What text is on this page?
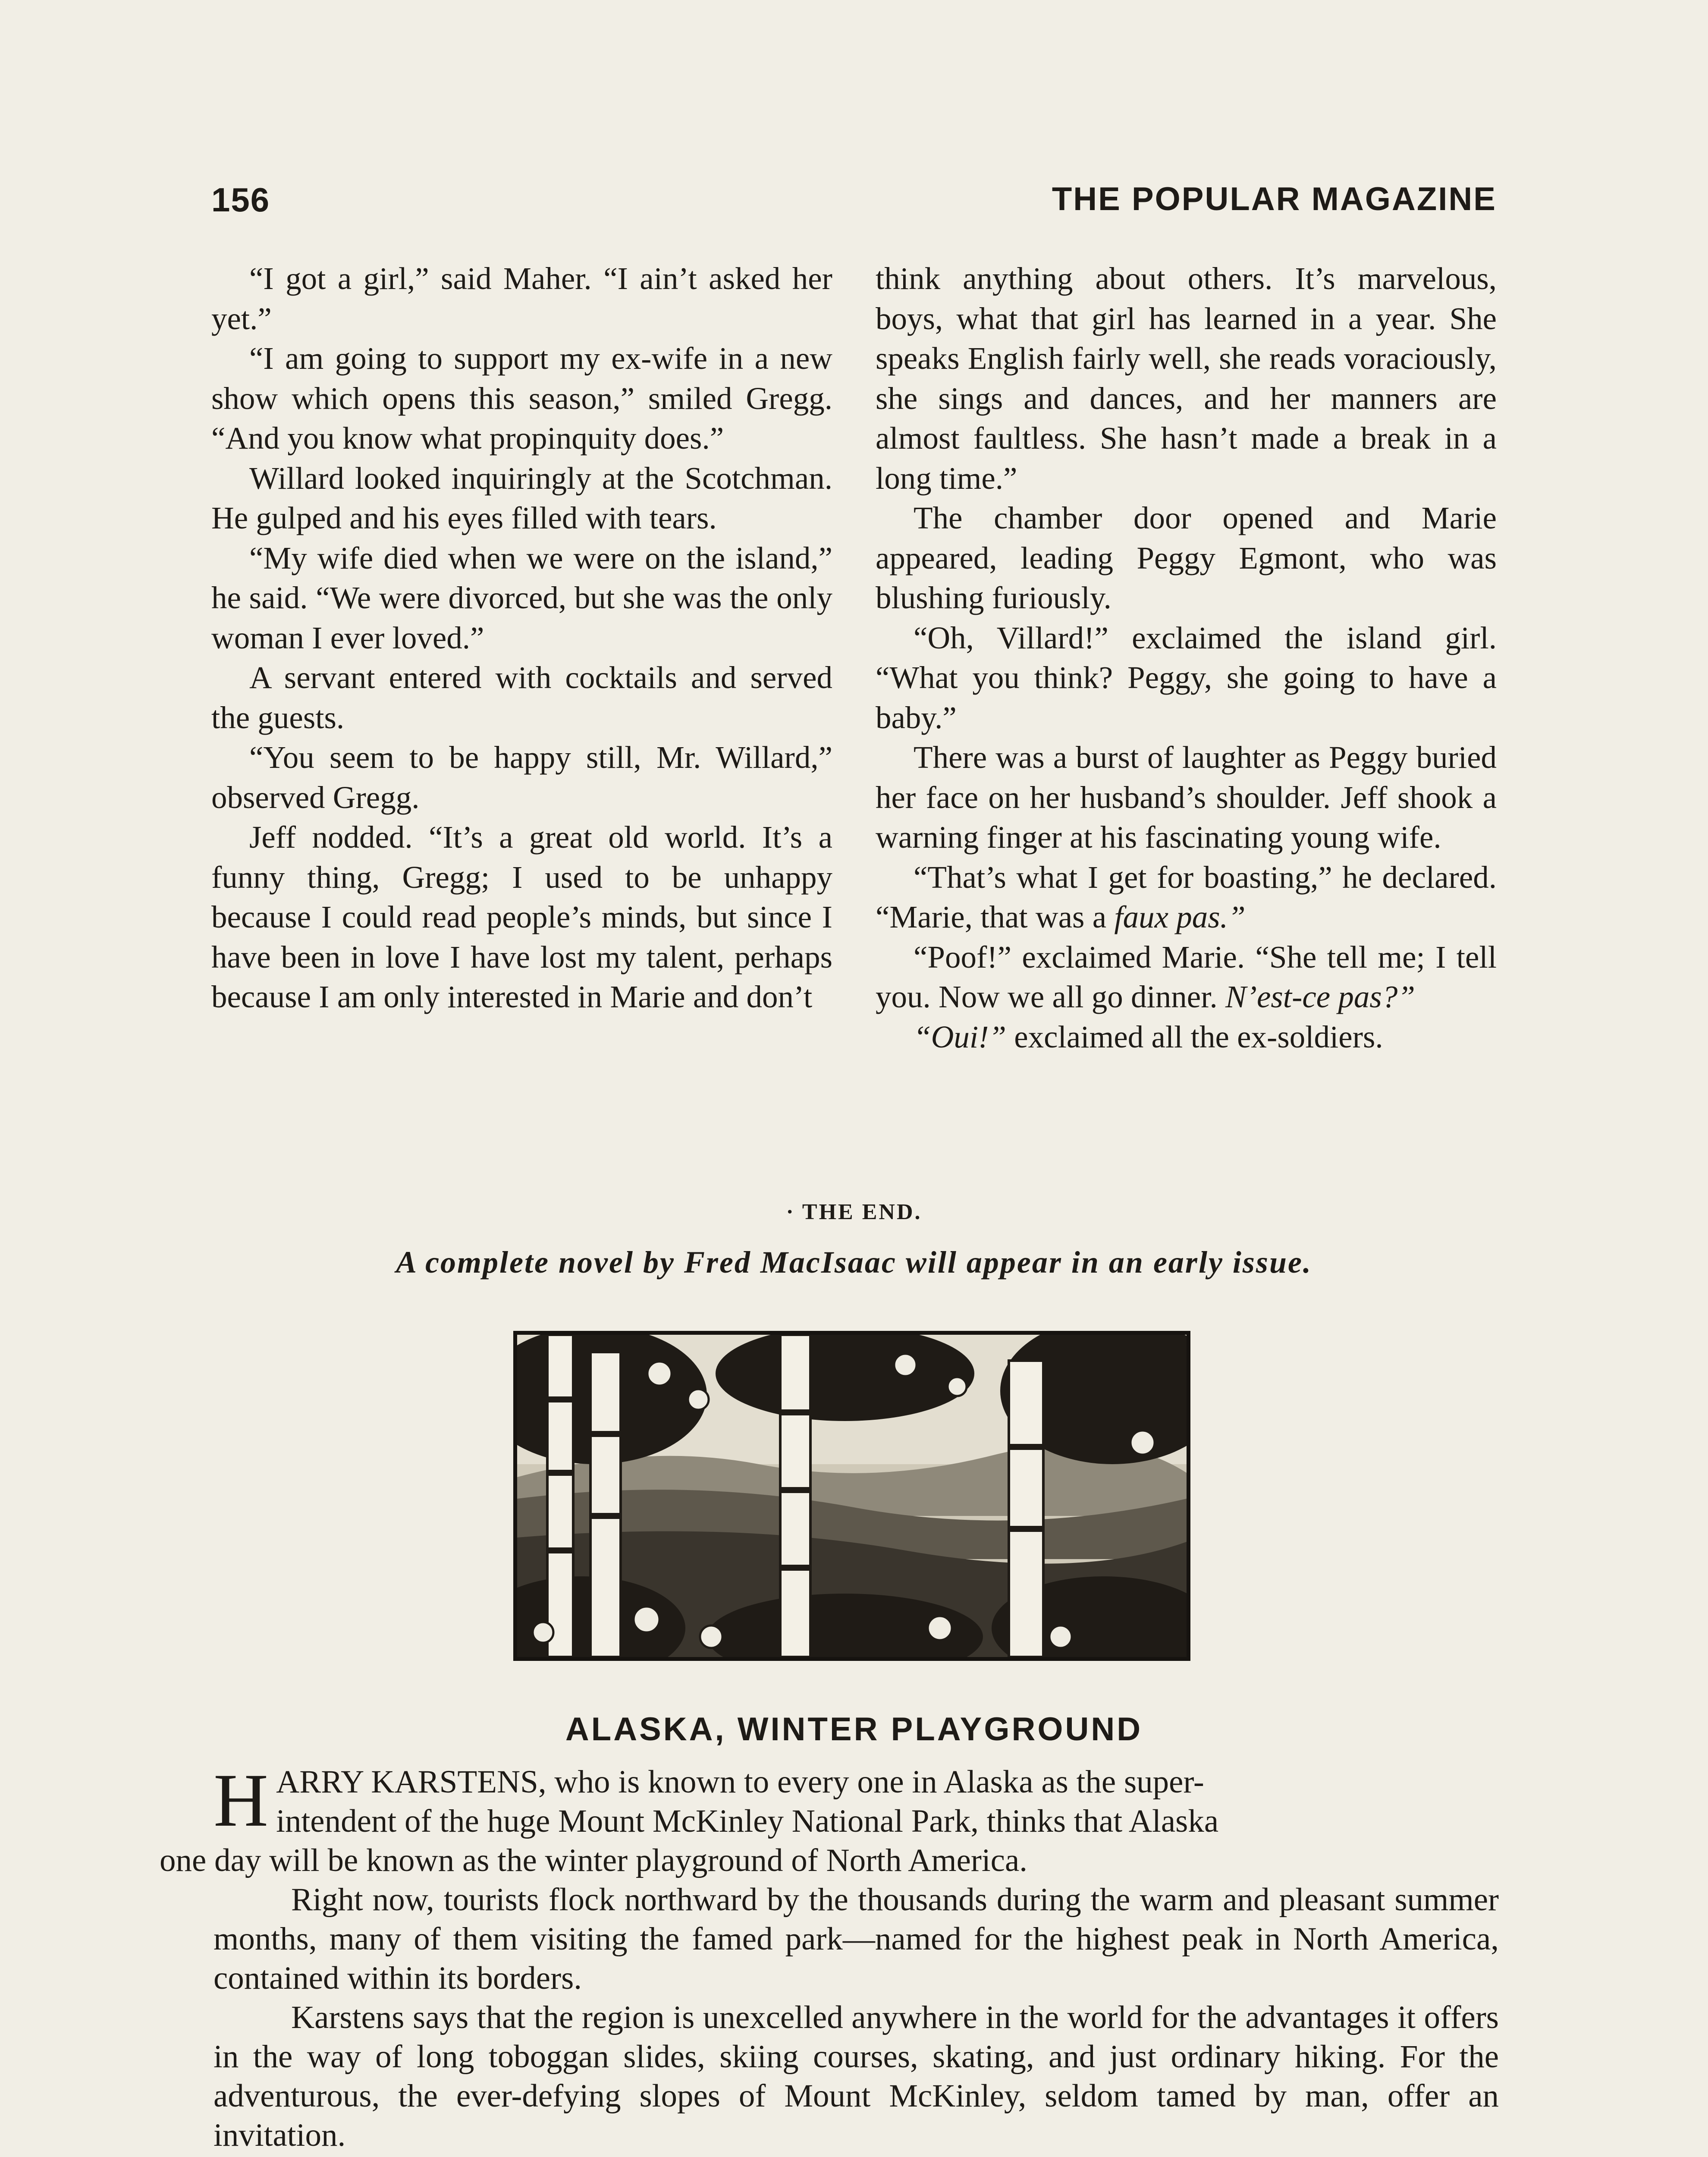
156	THE POPULAR MAGAZINE

“I got a girl,” said Maher. “I ain’t asked her yet.”

“I am going to support my ex-wife in a new show which opens this season,” smiled Gregg. “And you know what propinquity does.”

Willard looked inquiringly at the Scotchman. He gulped and his eyes filled with tears.

“My wife died when we were on the island,” he said. “We were divorced, but she was the only woman I ever loved.”

A servant entered with cocktails and served the guests.

“You seem to be happy still, Mr. Willard,” observed Gregg.

Jeff nodded. “It’s a great old world. It’s a funny thing, Gregg; I used to be unhappy because I could read people’s minds, but since I have been in love I have lost my talent, perhaps because I am only interested in Marie and don’t

think anything about others. It’s marvelous, boys, what that girl has learned in a year. She speaks English fairly well, she reads voraciously, she sings and dances, and her manners are almost faultless. She hasn’t made a break in a long time.”

The chamber door opened and Marie appeared, leading Peggy Egmont, who was blushing furiously.

“Oh, Villard!” exclaimed the island girl. “What you think? Peggy, she going to have a baby.”

There was a burst of laughter as Peggy buried her face on her husband’s shoulder. Jeff shook a warning finger at his fascinating young wife.

“That’s what I get for boasting,” he declared. “Marie, that was a faux pas.”

“Poof!” exclaimed Marie. “She tell me; I tell you. Now we all go dinner. N’est-ce pas?”

“Oui!” exclaimed all the ex-soldiers.

· THE END.
A complete novel by Fred MacIsaac will appear in an early issue.
ALASKA, WINTER PLAYGROUND

H ARRY KARSTENS, who is known to every one in Alaska as the super-
intendent of the huge Mount McKinley National Park, thinks that Alaska
one day will be known as the winter playground of North America.

Right now, tourists flock northward by the thousands during the warm and pleasant summer months, many of them visiting the famed park—named for the highest peak in North America, contained within its borders.

Karstens says that the region is unexcelled anywhere in the world for the advantages it offers in the way of long toboggan slides, skiing courses, skating, and just ordinary hiking. For the adventurous, the ever-defying slopes of Mount McKinley, seldom tamed by man, offer an invitation.
